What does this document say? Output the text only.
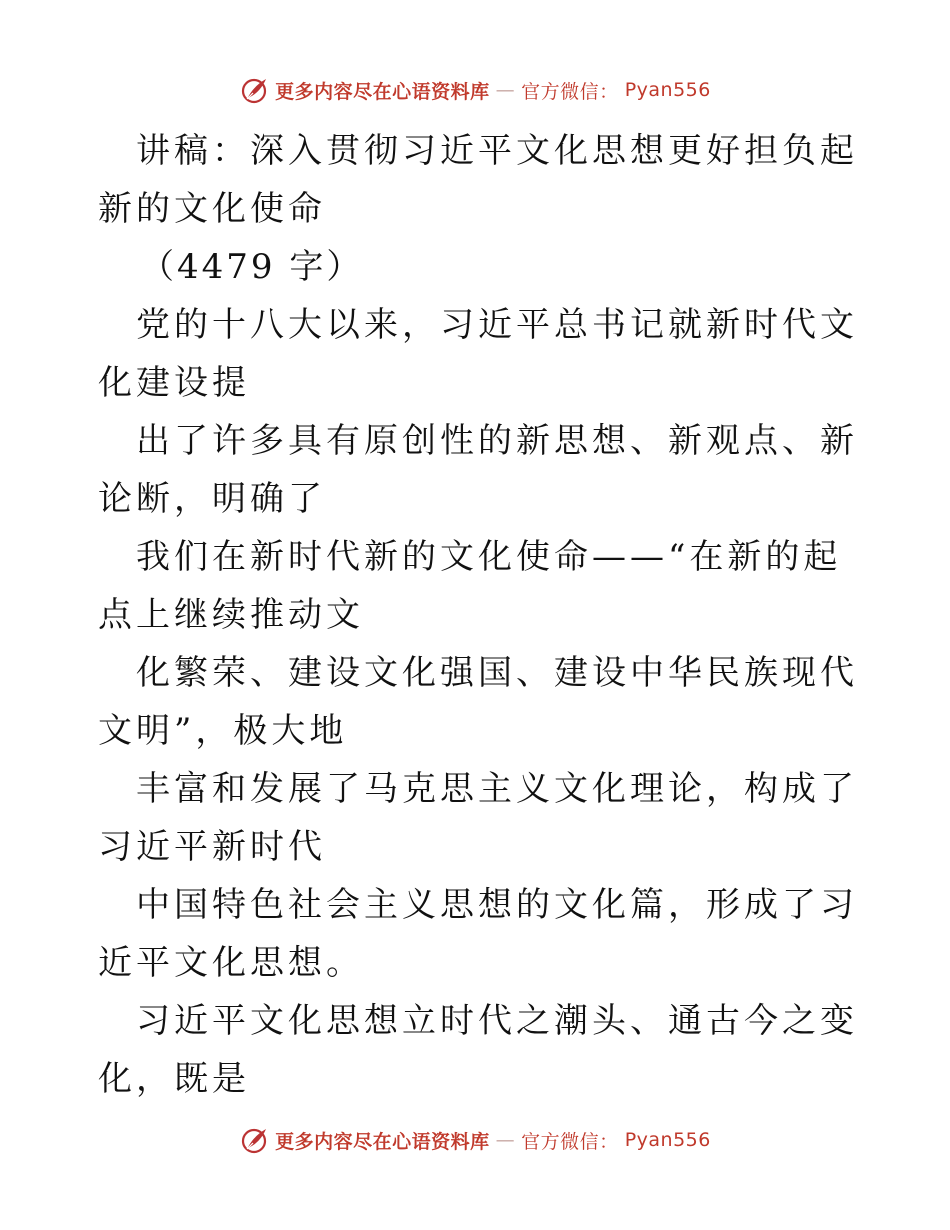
更多内容尽在心语资料库 — 官方微信： Pyan556

讲稿：深入贯彻习近平文化思想更好担负起新的文化使命

（4479 字）

党的十八大以来，习近平总书记就新时代文化建设提

出了许多具有原创性的新思想、新观点、新论断，明确了

我们在新时代新的文化使命——“在新的起点上继续推动文

化繁荣、建设文化强国、建设中华民族现代文明”，极大地

丰富和发展了马克思主义文化理论，构成了习近平新时代

中国特色社会主义思想的文化篇，形成了习近平文化思想。

习近平文化思想立时代之潮头、通古今之变化，既是

更多内容尽在心语资料库 — 官方微信： Pyan556
